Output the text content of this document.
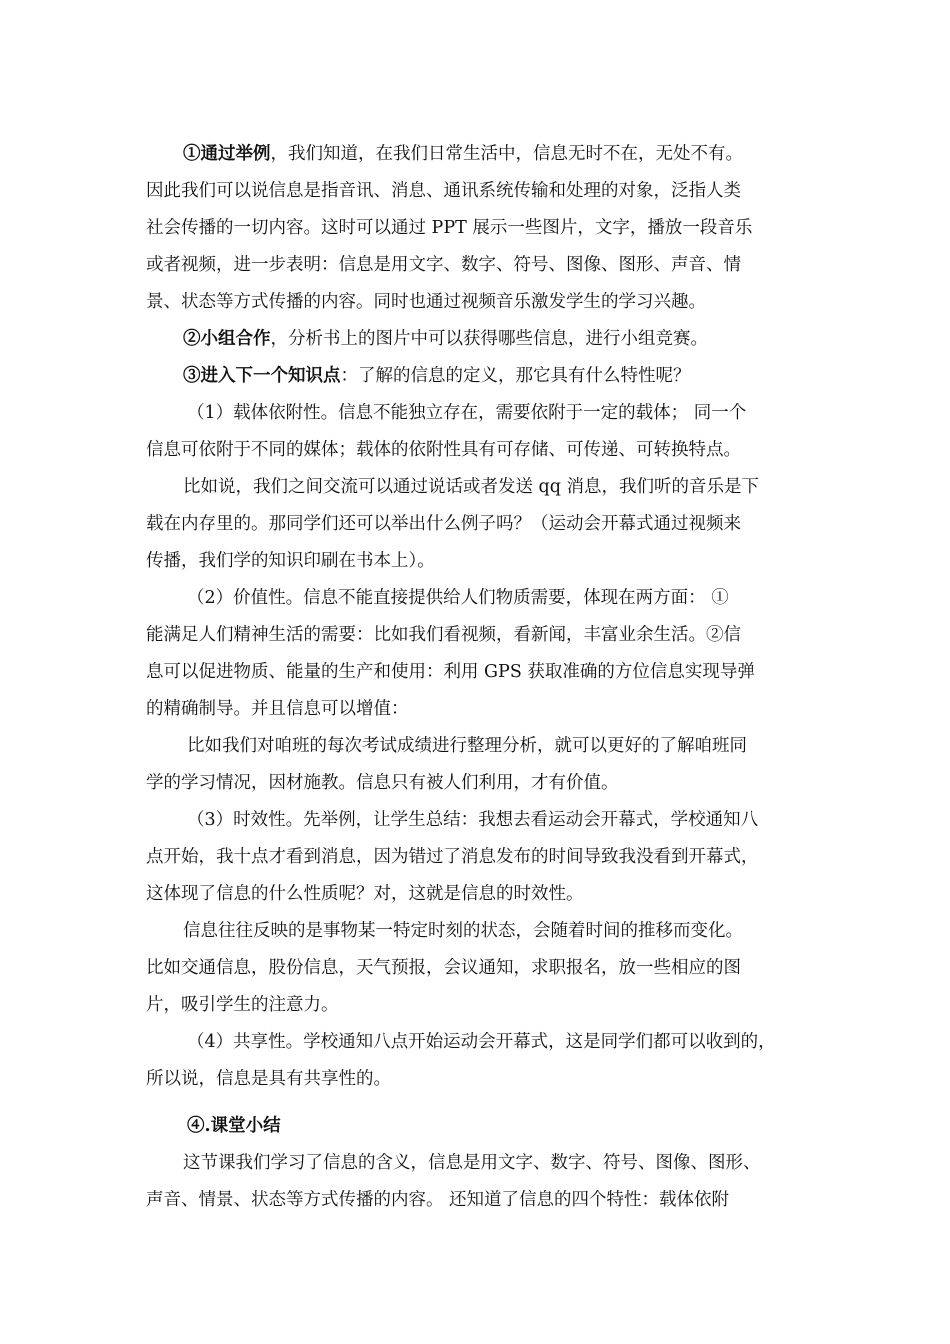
①通过举例，我们知道，在我们日常生活中，信息无时不在，无处不有。

因此我们可以说信息是指音讯、消息、通讯系统传输和处理的对象，泛指人类

社会传播的一切内容。这时可以通过 PPT 展示一些图片，文字，播放一段音乐

或者视频，进一步表明：信息是用文字、数字、符号、图像、图形、声音、情

景、状态等方式传播的内容。同时也通过视频音乐激发学生的学习兴趣。

②小组合作，分析书上的图片中可以获得哪些信息，进行小组竞赛。

③进入下一个知识点：了解的信息的定义，那它具有什么特性呢？

（1）载体依附性。信息不能独立存在，需要依附于一定的载体； 同一个

信息可依附于不同的媒体；载体的依附性具有可存储、可传递、可转换特点。

比如说，我们之间交流可以通过说话或者发送 qq 消息，我们听的音乐是下

载在内存里的。那同学们还可以举出什么例子吗？（运动会开幕式通过视频来

传播，我们学的知识印刷在书本上）。

（2）价值性。信息不能直接提供给人们物质需要，体现在两方面： ①

能满足人们精神生活的需要：比如我们看视频，看新闻，丰富业余生活。②信

息可以促进物质、能量的生产和使用：利用 GPS 获取准确的方位信息实现导弹

的精确制导。并且信息可以增值：

比如我们对咱班的每次考试成绩进行整理分析，就可以更好的了解咱班同

学的学习情况，因材施教。信息只有被人们利用，才有价值。

（3）时效性。先举例，让学生总结：我想去看运动会开幕式，学校通知八

点开始，我十点才看到消息，因为错过了消息发布的时间导致我没看到开幕式，

这体现了信息的什么性质呢？对，这就是信息的时效性。

信息往往反映的是事物某一特定时刻的状态，会随着时间的推移而变化。

比如交通信息，股份信息，天气预报，会议通知，求职报名，放一些相应的图

片，吸引学生的注意力。

（4）共享性。学校通知八点开始运动会开幕式，这是同学们都可以收到的，

所以说，信息是具有共享性的。

④.课堂小结

这节课我们学习了信息的含义，信息是用文字、数字、符号、图像、图形、

声音、情景、状态等方式传播的内容。 还知道了信息的四个特性：载体依附
